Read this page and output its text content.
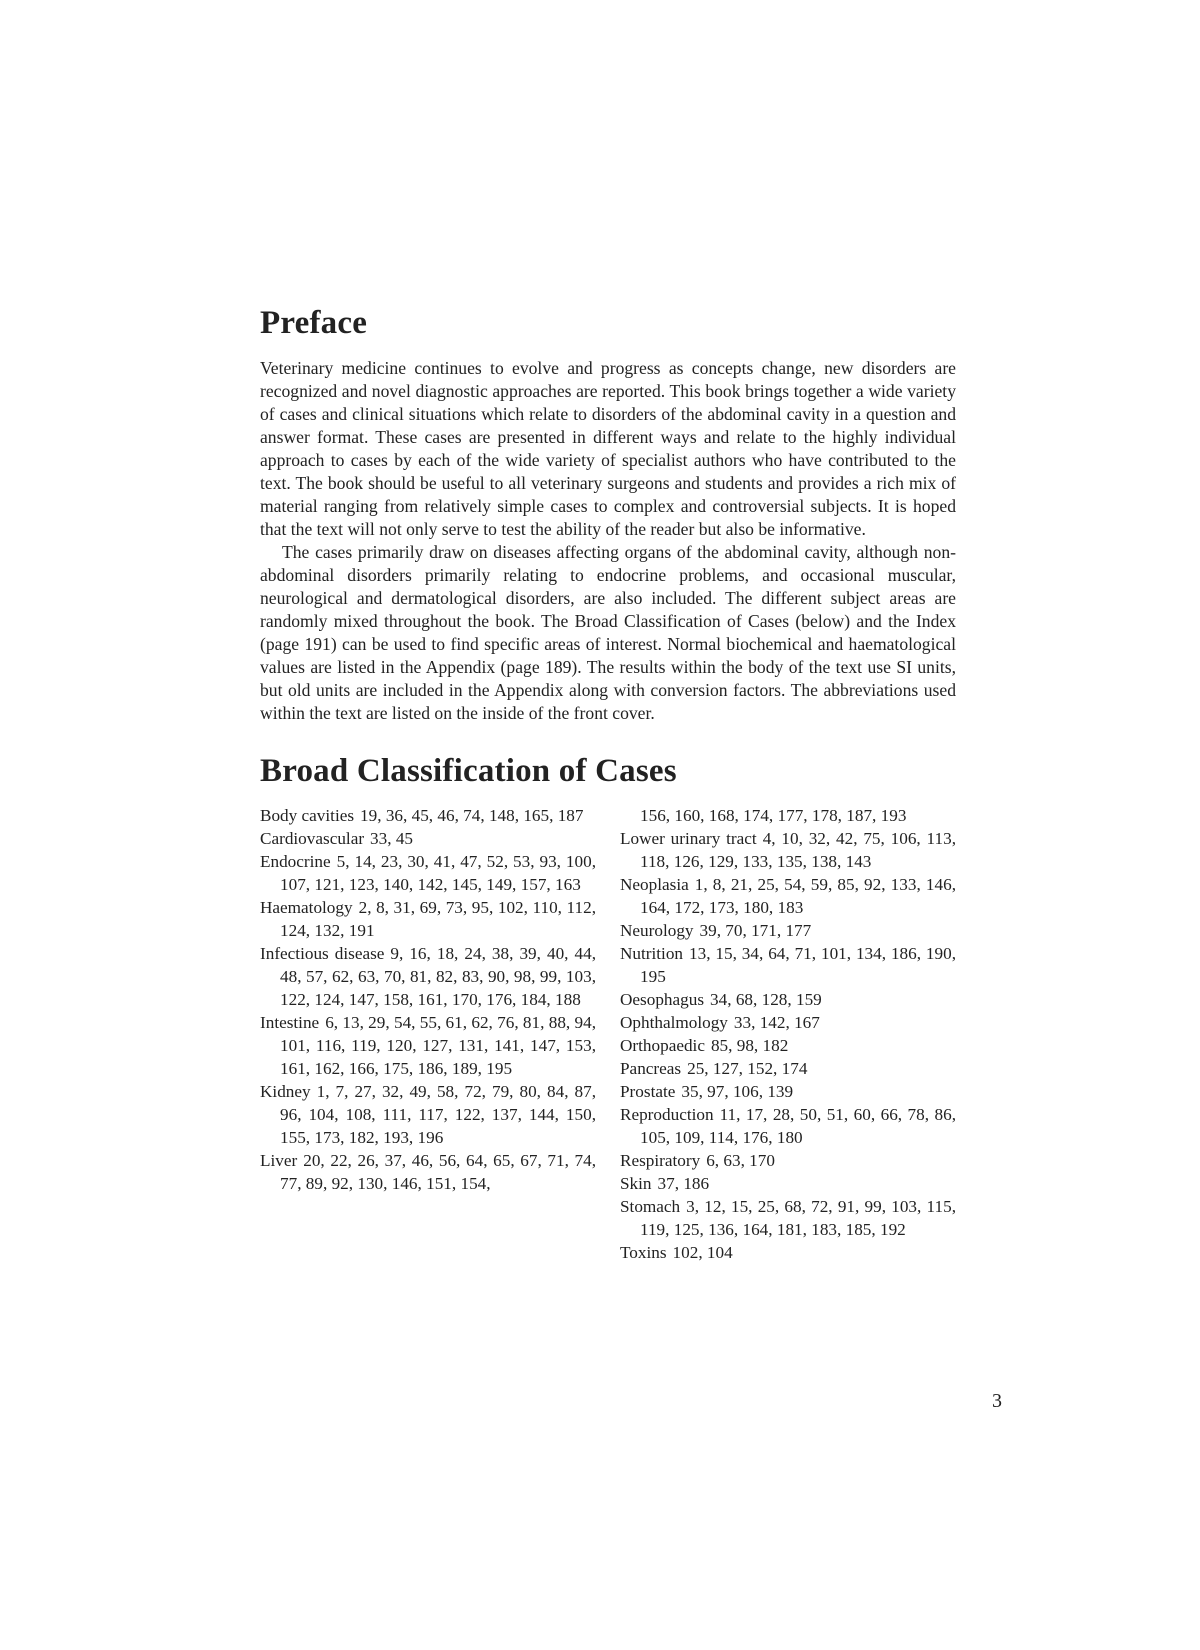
Preface

Veterinary medicine continues to evolve and progress as concepts change, new disorders are recognized and novel diagnostic approaches are reported. This book brings together a wide variety of cases and clinical situations which relate to disorders of the abdominal cavity in a question and answer format. These cases are presented in different ways and relate to the highly individual approach to cases by each of the wide variety of specialist authors who have contributed to the text. The book should be useful to all veterinary surgeons and students and provides a rich mix of material ranging from relatively simple cases to complex and controversial subjects. It is hoped that the text will not only serve to test the ability of the reader but also be informative.

The cases primarily draw on diseases affecting organs of the abdominal cavity, although non-abdominal disorders primarily relating to endocrine problems, and occasional muscular, neurological and dermatological disorders, are also included. The different subject areas are randomly mixed throughout the book. The Broad Classification of Cases (below) and the Index (page 191) can be used to find specific areas of interest. Normal biochemical and haematological values are listed in the Appendix (page 189). The results within the body of the text use SI units, but old units are included in the Appendix along with conversion factors. The abbreviations used within the text are listed on the inside of the front cover.

Broad Classification of Cases
Body cavities 19, 36, 45, 46, 74, 148, 165, 187
Cardiovascular 33, 45
Endocrine 5, 14, 23, 30, 41, 47, 52, 53, 93, 100, 107, 121, 123, 140, 142, 145, 149, 157, 163
Haematology 2, 8, 31, 69, 73, 95, 102, 110, 112, 124, 132, 191
Infectious disease 9, 16, 18, 24, 38, 39, 40, 44, 48, 57, 62, 63, 70, 81, 82, 83, 90, 98, 99, 103, 122, 124, 147, 158, 161, 170, 176, 184, 188
Intestine 6, 13, 29, 54, 55, 61, 62, 76, 81, 88, 94, 101, 116, 119, 120, 127, 131, 141, 147, 153, 161, 162, 166, 175, 186, 189, 195
Kidney 1, 7, 27, 32, 49, 58, 72, 79, 80, 84, 87, 96, 104, 108, 111, 117, 122, 137, 144, 150, 155, 173, 182, 193, 196
Liver 20, 22, 26, 37, 46, 56, 64, 65, 67, 71, 74, 77, 89, 92, 130, 146, 151, 154,
156, 160, 168, 174, 177, 178, 187, 193
Lower urinary tract 4, 10, 32, 42, 75, 106, 113, 118, 126, 129, 133, 135, 138, 143
Neoplasia 1, 8, 21, 25, 54, 59, 85, 92, 133, 146, 164, 172, 173, 180, 183
Neurology 39, 70, 171, 177
Nutrition 13, 15, 34, 64, 71, 101, 134, 186, 190, 195
Oesophagus 34, 68, 128, 159
Ophthalmology 33, 142, 167
Orthopaedic 85, 98, 182
Pancreas 25, 127, 152, 174
Prostate 35, 97, 106, 139
Reproduction 11, 17, 28, 50, 51, 60, 66, 78, 86, 105, 109, 114, 176, 180
Respiratory 6, 63, 170
Skin 37, 186
Stomach 3, 12, 15, 25, 68, 72, 91, 99, 103, 115, 119, 125, 136, 164, 181, 183, 185, 192
Toxins 102, 104
3
